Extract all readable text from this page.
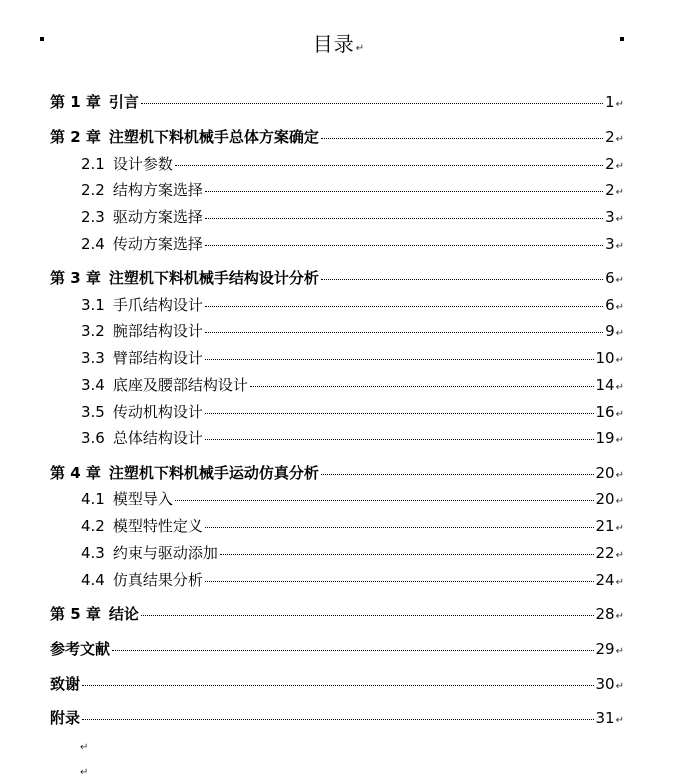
目录↵
第 1 章 引言	1 ↵
第 2 章 注塑机下料机械手总体方案确定	2 ↵
2.1 设计参数	2 ↵
2.2 结构方案选择	2 ↵
2.3 驱动方案选择	3 ↵
2.4 传动方案选择	3 ↵
第 3 章 注塑机下料机械手结构设计分析	6 ↵
3.1 手爪结构设计	6 ↵
3.2 腕部结构设计	9 ↵
3.3 臂部结构设计	10 ↵
3.4 底座及腰部结构设计	14 ↵
3.5 传动机构设计	16 ↵
3.6 总体结构设计	19 ↵
第 4 章 注塑机下料机械手运动仿真分析	20 ↵
4.1 模型导入	20 ↵
4.2 模型特性定义	21 ↵
4.3 约束与驱动添加	22 ↵
4.4 仿真结果分析	24 ↵
第 5 章 结论	28 ↵
参考文献	29 ↵
致谢	30 ↵
附录	31 ↵
↵
↵
